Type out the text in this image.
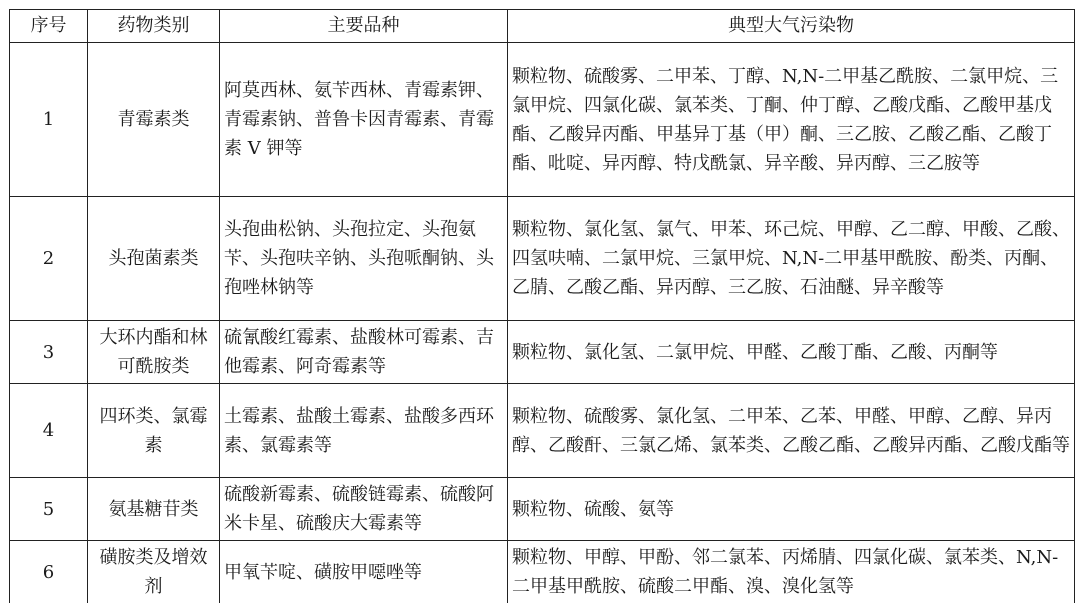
序号	药物类别	主要品种	典型大气污染物
1	青霉素类	阿莫西林、氨苄西林、青霉素钾、青霉素钠、普鲁卡因青霉素、青霉素 V 钾等	颗粒物、硫酸雾、二甲苯、丁醇、N,N-二甲基乙酰胺、二氯甲烷、三氯甲烷、四氯化碳、氯苯类、丁酮、仲丁醇、乙酸戊酯、乙酸甲基戊酯、乙酸异丙酯、甲基异丁基（甲）酮、三乙胺、乙酸乙酯、乙酸丁酯、吡啶、异丙醇、特戊酰氯、异辛酸、异丙醇、三乙胺等
2	头孢菌素类	头孢曲松钠、头孢拉定、头孢氨苄、头孢呋辛钠、头孢哌酮钠、头孢唑林钠等	颗粒物、氯化氢、氯气、甲苯、环己烷、甲醇、乙二醇、甲酸、乙酸、四氢呋喃、二氯甲烷、三氯甲烷、N,N-二甲基甲酰胺、酚类、丙酮、乙腈、乙酸乙酯、异丙醇、三乙胺、石油醚、异辛酸等
3	大环内酯和林可酰胺类	硫氰酸红霉素、盐酸林可霉素、吉他霉素、阿奇霉素等	颗粒物、氯化氢、二氯甲烷、甲醛、乙酸丁酯、乙酸、丙酮等
4	四环类、氯霉素	土霉素、盐酸土霉素、盐酸多西环素、氯霉素等	颗粒物、硫酸雾、氯化氢、二甲苯、乙苯、甲醛、甲醇、乙醇、异丙醇、乙酸酐、三氯乙烯、氯苯类、乙酸乙酯、乙酸异丙酯、乙酸戊酯等
5	氨基糖苷类	硫酸新霉素、硫酸链霉素、硫酸阿米卡星、硫酸庆大霉素等	颗粒物、硫酸、氨等
6	磺胺类及增效剂	甲氧苄啶、磺胺甲噁唑等	颗粒物、甲醇、甲酚、邻二氯苯、丙烯腈、四氯化碳、氯苯类、N,N-二甲基甲酰胺、硫酸二甲酯、溴、溴化氢等
